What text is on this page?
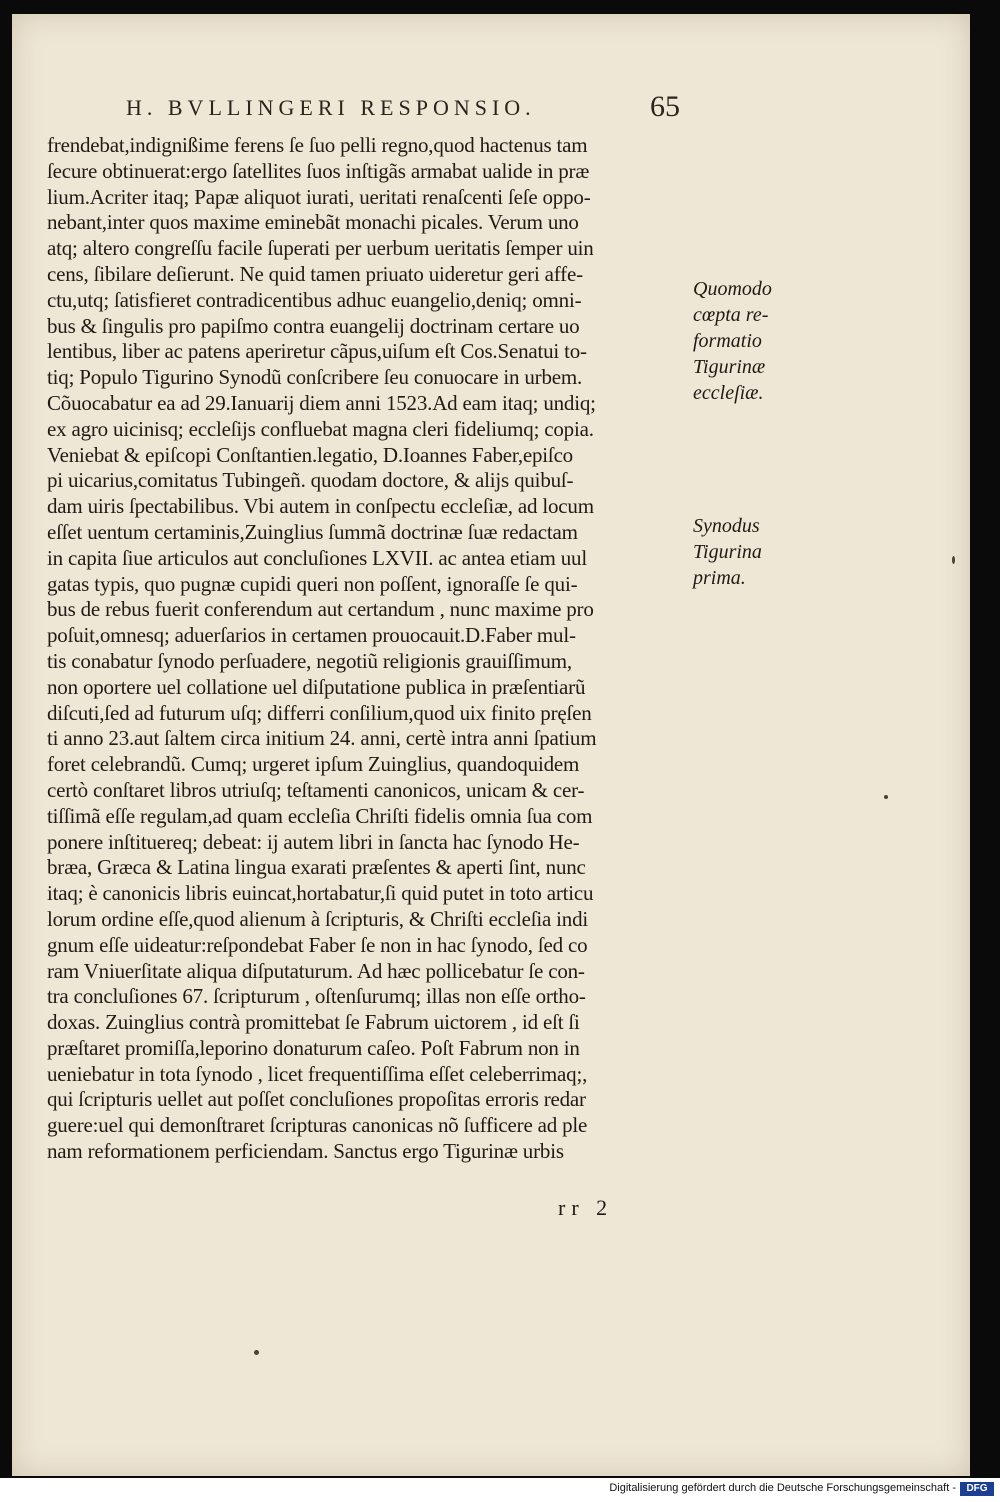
H. BVLLINGERI RESPONSIO.	65
frendebat,indignißime ferens ſe ſuo pelli regno,quod hactenus tam
ſecure obtinuerat:ergo ſatellites ſuos inſtigãs armabat ualide in præ
lium.Acriter itaq; Papæ aliquot iurati, ueritati renaſcenti ſeſe oppo-
nebant,inter quos maxime eminebãt monachi picales. Verum uno
atq; altero congreſſu facile ſuperati per uerbum ueritatis ſemper uin
cens, ſibilare deſierunt. Ne quid tamen priuato uideretur geri affe-
ctu,utq; ſatisfieret contradicentibus adhuc euangelio,deniq; omni-
bus & ſingulis pro papiſmo contra euangelij doctrinam certare uo
lentibus, liber ac patens aperiretur cãpus,uiſum eſt Cos.Senatui to-
tiq; Populo Tigurino Synodũ conſcribere ſeu conuocare in urbem.
Cõuocabatur ea ad 29.Ianuarij diem anni 1523.Ad eam itaq; undiq;
ex agro uicinisq; eccleſijs confluebat magna cleri fideliumq; copia.
Veniebat & epiſcopi Conſtantien.legatio, D.Ioannes Faber,epiſco
pi uicarius,comitatus Tubingeñ. quodam doctore, & alijs quibuſ-
dam uiris ſpectabilibus. Vbi autem in conſpectu eccleſiæ, ad locum
eſſet uentum certaminis,Zuinglius ſummã doctrinæ ſuæ redactam
in capita ſiue articulos aut concluſiones LXVII. ac antea etiam uul
gatas typis, quo pugnæ cupidi queri non poſſent, ignoraſſe ſe qui-
bus de rebus fuerit conferendum aut certandum , nunc maxime pro
poſuit,omnesq; aduerſarios in certamen prouocauit.D.Faber mul-
tis conabatur ſynodo perſuadere, negotiũ religionis grauiſſimum,
non oportere uel collatione uel diſputatione publica in præſentiarũ
diſcuti,ſed ad futurum uſq; differri conſilium,quod uix finito pręſen
ti anno 23.aut ſaltem circa initium 24. anni, certè intra anni ſpatium
foret celebrandũ. Cumq; urgeret ipſum Zuinglius, quandoquidem
certò conſtaret libros utriuſq; teſtamenti canonicos, unicam & cer-
tiſſimã eſſe regulam,ad quam eccleſia Chriſti fidelis omnia ſua com
ponere inſtituereq; debeat: ij autem libri in ſancta hac ſynodo He-
bræa, Græca & Latina lingua exarati præſentes & aperti ſint, nunc
itaq; è canonicis libris euincat,hortabatur,ſi quid putet in toto articu
lorum ordine eſſe,quod alienum à ſcripturis, & Chriſti eccleſia indi
gnum eſſe uideatur:reſpondebat Faber ſe non in hac ſynodo, ſed co
ram Vniuerſitate aliqua diſputaturum. Ad hæc pollicebatur ſe con-
tra concluſiones 67. ſcripturum , oſtenſurumq; illas non eſſe ortho-
doxas. Zuinglius contrà promittebat ſe Fabrum uictorem , id eſt ſi
præſtaret promiſſa,leporino donaturum caſeo. Poſt Fabrum non in
ueniebatur in tota ſynodo , licet frequentiſſima eſſet celeberrimaq;,
qui ſcripturis uellet aut poſſet concluſiones propoſitas erroris redar
guere:uel qui demonſtraret ſcripturas canonicas nõ ſufficere ad ple
nam reformationem perficiendam. Sanctus ergo Tigurinæ urbis
Quomodo
cœpta re-
formatio
Tigurinæ
eccleſiæ.
Synodus
Tigurina
prima.
rr 2
Digitalisierung gefördert durch die Deutsche Forschungsgemeinschaft -	DFG
